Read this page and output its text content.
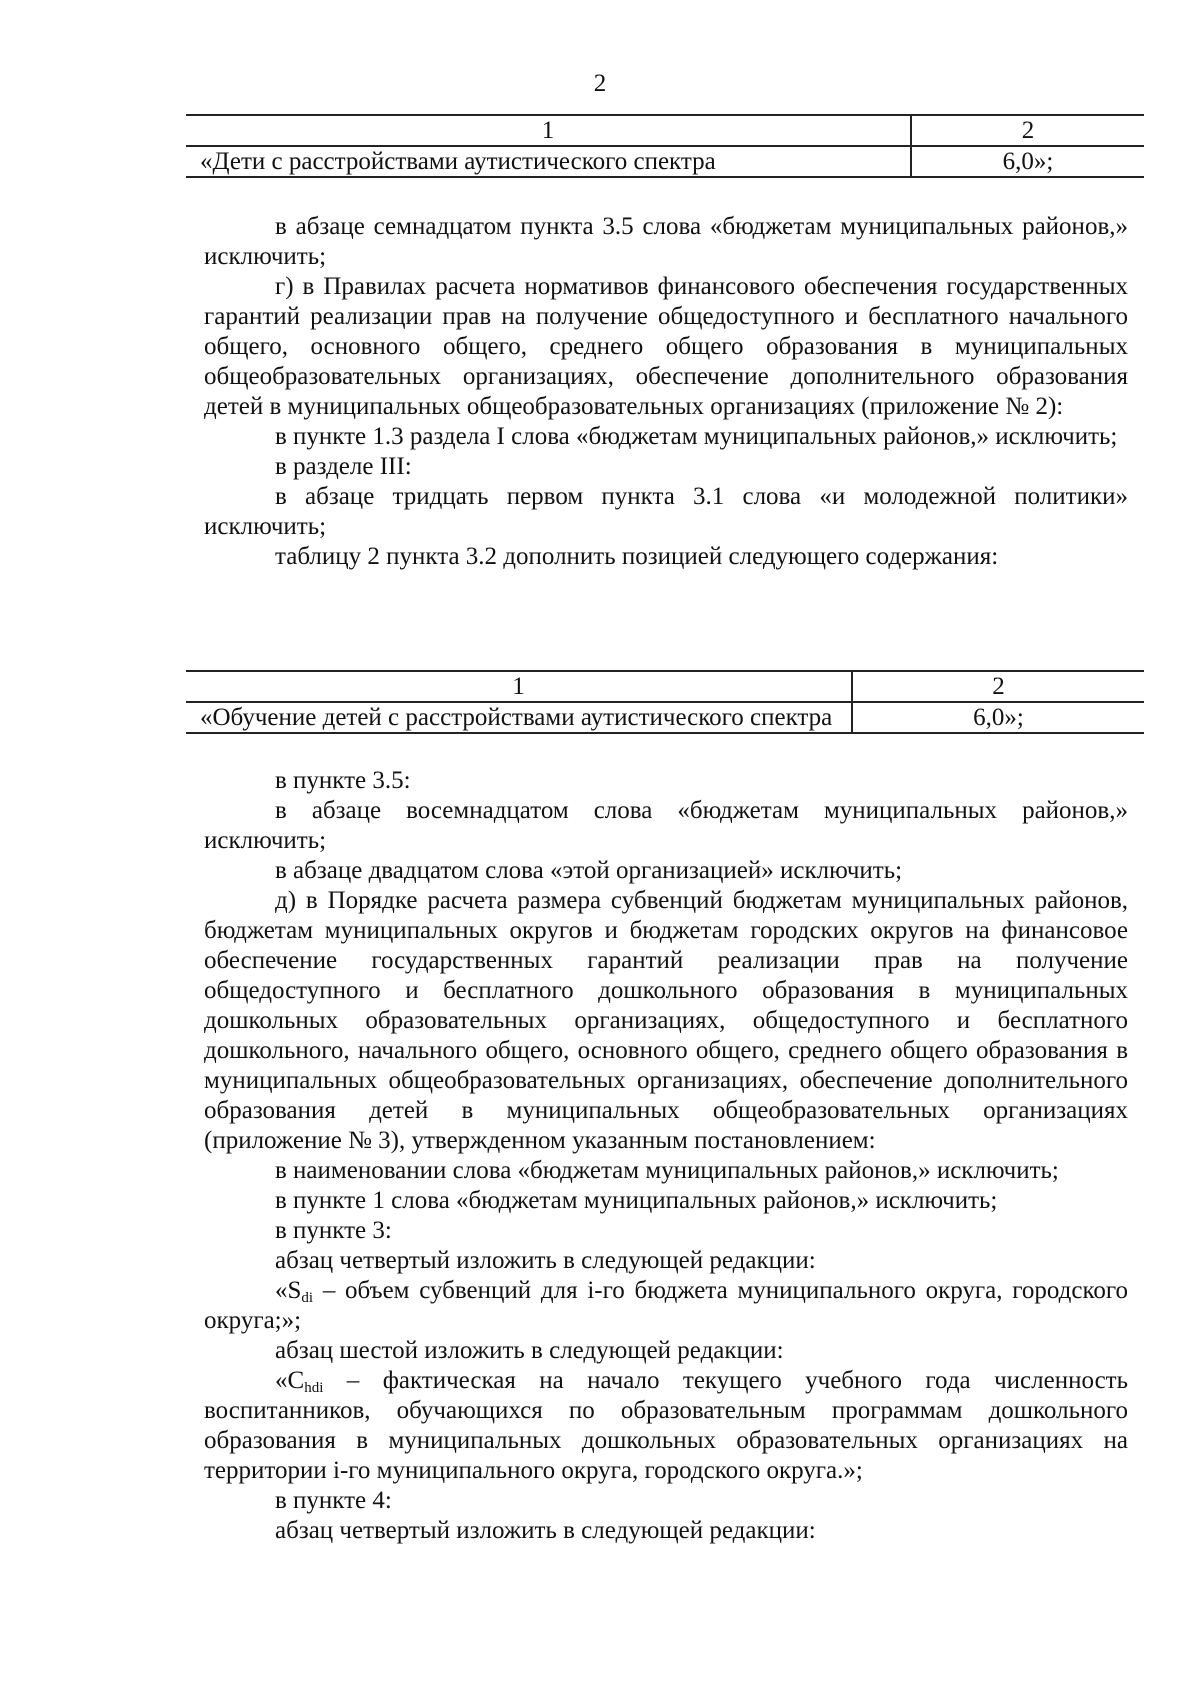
2
1	2
«Дети с расстройствами аутистического спектра	6,0»;

в абзаце семнадцатом пункта 3.5 слова «бюджетам муниципальных районов,» исключить;

г) в Правилах расчета нормативов финансового обеспечения государственных гарантий реализации прав на получение общедоступного и бесплатного начального общего, основного общего, среднего общего образования в муниципальных общеобразовательных организациях, обеспечение дополнительного образования детей в муниципальных общеобразовательных организациях (приложение № 2):

в пункте 1.3 раздела I слова «бюджетам муниципальных районов,» исключить;

в разделе III:

в абзаце тридцать первом пункта 3.1 слова «и молодежной политики» исключить;

таблицу 2 пункта 3.2 дополнить позицией следующего содержания:

1	2
«Обучение детей с расстройствами аутистического спектра	6,0»;

в пункте 3.5:

в абзаце восемнадцатом слова «бюджетам муниципальных районов,» исключить;

в абзаце двадцатом слова «этой организацией» исключить;

д) в Порядке расчета размера субвенций бюджетам муниципальных районов, бюджетам муниципальных округов и бюджетам городских округов на финансовое обеспечение государственных гарантий реализации прав на получение общедоступного и бесплатного дошкольного образования в муниципальных дошкольных образовательных организациях, общедоступного и бесплатного дошкольного, начального общего, основного общего, среднего общего образования в муниципальных общеобразовательных организациях, обеспечение дополнительного образования детей в муниципальных общеобразовательных организациях (приложение № 3), утвержденном указанным постановлением:

в наименовании слова «бюджетам муниципальных районов,» исключить;

в пункте 1 слова «бюджетам муниципальных районов,» исключить;

в пункте 3:

абзац четвертый изложить в следующей редакции:

«$S_{di}$ – объем субвенций для i-го бюджета муниципального округа, городского округа;»;

абзац шестой изложить в следующей редакции:

«$C_{hdi}$ – фактическая на начало текущего учебного года численность воспитанников, обучающихся по образовательным программам дошкольного образования в муниципальных дошкольных образовательных организациях на территории i-го муниципального округа, городского округа.»;

в пункте 4:

абзац четвертый изложить в следующей редакции:
